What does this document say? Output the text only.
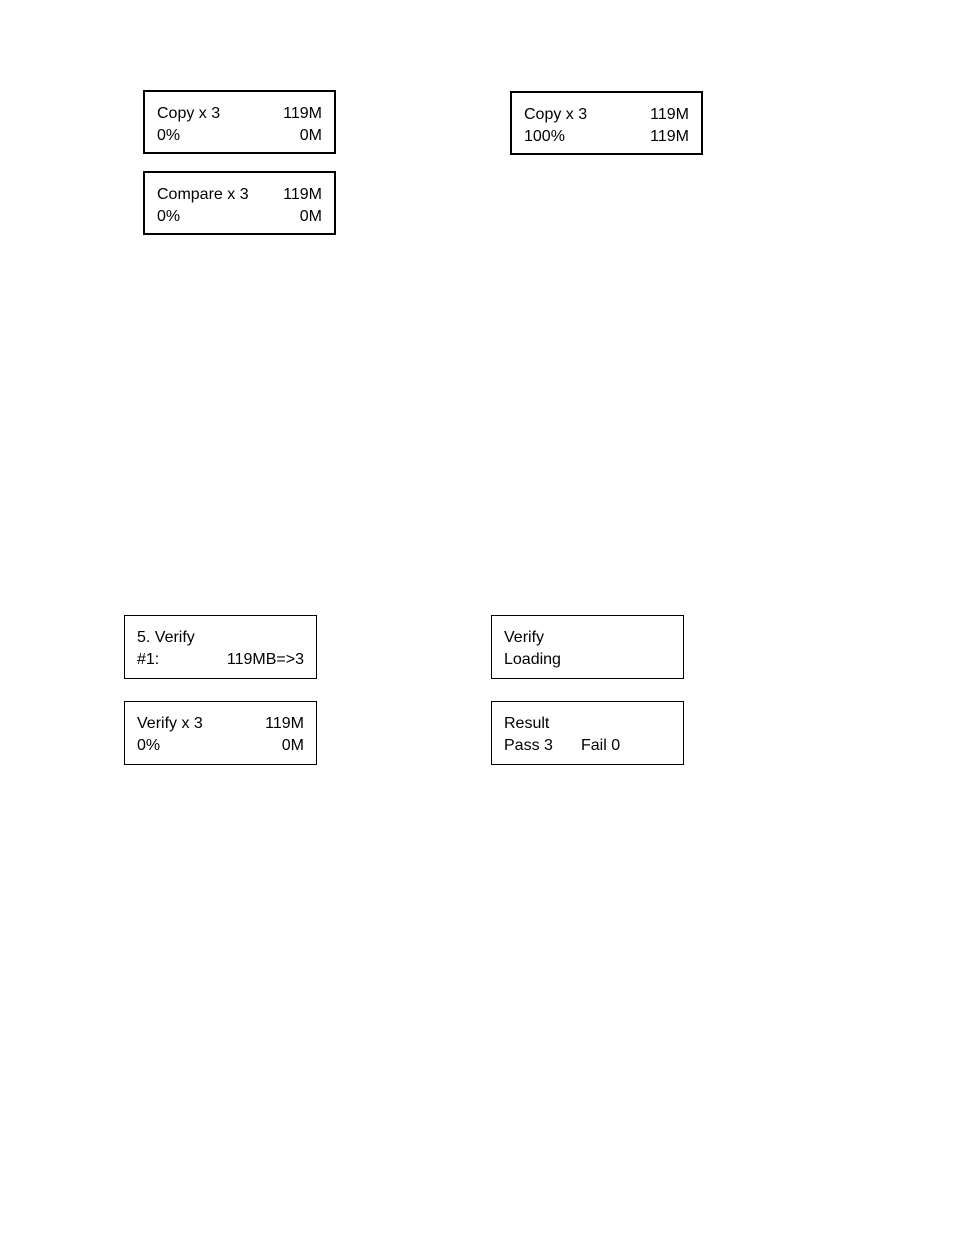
Copy x 3	119M
0%	0M
Copy x 3	119M
100%	119M
Compare x 3 119M
0%	0M
5. Verify
#1:	119MB=>3
Verify
Loading
Verify x 3	119M
0%	0M
Result
Pass 3 Fail 0
